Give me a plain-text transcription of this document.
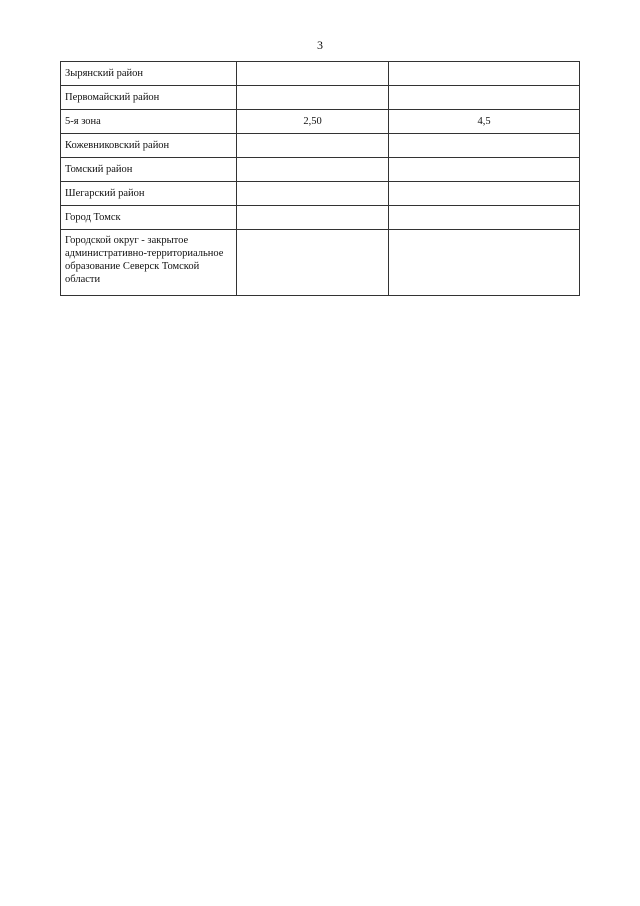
3
Зырянский район		
Первомайский район		
5-я зона	2,50	4,5
Кожевниковский район		
Томский район		
Шегарский район		
Город Томск		
Городской округ - закрытое административно-территориальное образование Северск Томской области		
